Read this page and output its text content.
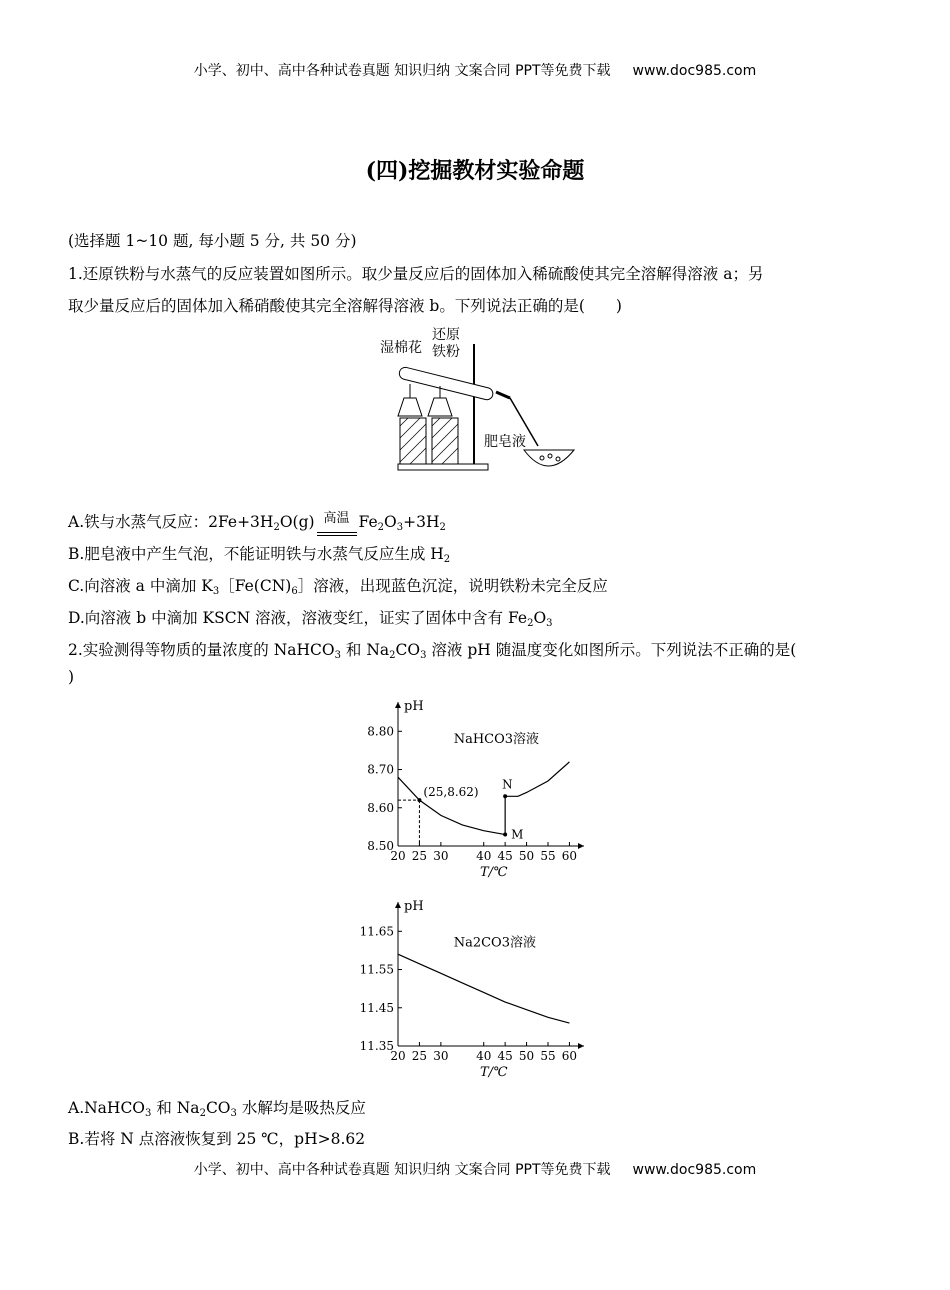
小学、初中、高中各种试卷真题 知识归纳 文案合同 PPT等免费下载 www.doc985.com
(四)挖掘教材实验命题
(选择题 1~10 题, 每小题 5 分, 共 50 分)
1.还原铁粉与水蒸气的反应装置如图所示。取少量反应后的固体加入稀硫酸使其完全溶解得溶液 a；另
取少量反应后的固体加入稀硝酸使其完全溶解得溶液 b。下列说法正确的是(　　)
湿棉花
还原
铁粉
肥皂液
A.铁与水蒸气反应：$2Fe+3H_2O(g)$ 高温 $Fe_2O_3+3H_2$
B.肥皂液中产生气泡，不能证明铁与水蒸气反应生成 $H_2$
C.向溶液 a 中滴加 $K_3[Fe(CN)_6]$溶液，出现蓝色沉淀，说明铁粉未完全反应
D.向溶液 b 中滴加 KSCN 溶液，溶液变红，证实了固体中含有 $Fe_2O_3$
2.实验测得等物质的量浓度的 NaHCO$_3$ 和 $Na_2CO_3$ 溶液 pH 随温度变化如图所示。下列说法不正确的是(
)
pH
T/℃
20 25 30 40 45 50 55 60
8.50
8.60
8.70
8.80
NaHCO3溶液
(25,8.62)
N
M
pH
T/℃
20 25 30 40 45 50 55 60
11.35
11.45
11.55
11.65
Na2CO3溶液
A.NaHCO$_3$ 和 $Na_2CO_3$ 水解均是吸热反应
B.若将 N 点溶液恢复到 25 ℃，pH>8.62
小学、初中、高中各种试卷真题 知识归纳 文案合同 PPT等免费下载 www.doc985.com
